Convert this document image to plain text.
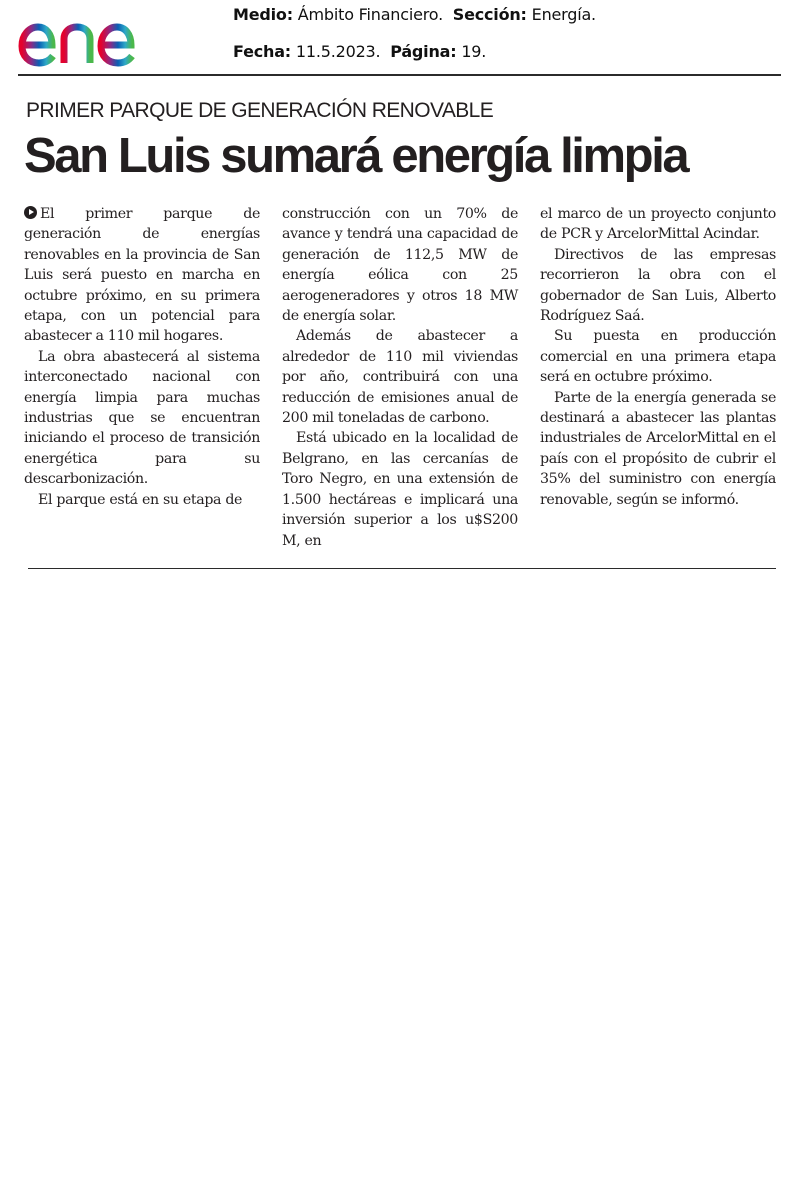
Medio: Ámbito Financiero. Sección: Energía.
Fecha: 11.5.2023. Página: 19.
PRIMER PARQUE DE GENERACIÓN RENOVABLE
San Luis sumará energía limpia

El primer parque de generación de energías renovables en la provincia de San Luis será puesto en marcha en octubre próximo, en su primera etapa, con un potencial para abastecer a 110 mil hogares.

La obra abastecerá al sistema interconectado nacional con energía limpia para muchas industrias que se encuentran iniciando el proceso de transición energética para su descarbonización.

El parque está en su etapa de

construcción con un 70% de avance y tendrá una capacidad de generación de 112,5 MW de energía eólica con 25 aerogeneradores y otros 18 MW de energía solar.

Además de abastecer a alrededor de 110 mil viviendas por año, contribuirá con una reducción de emisiones anual de 200 mil toneladas de carbono.

Está ubicado en la localidad de Belgrano, en las cercanías de Toro Negro, en una extensión de 1.500 hectáreas e implicará una inversión superior a los u$S200 M, en

el marco de un proyecto conjunto de PCR y ArcelorMittal Acindar.

Directivos de las empresas recorrieron la obra con el gobernador de San Luis, Alberto Rodríguez Saá.

Su puesta en producción comercial en una primera etapa será en octubre próximo.

Parte de la energía generada se destinará a abastecer las plantas industriales de ArcelorMittal en el país con el propósito de cubrir el 35% del suministro con energía renovable, según se informó.
